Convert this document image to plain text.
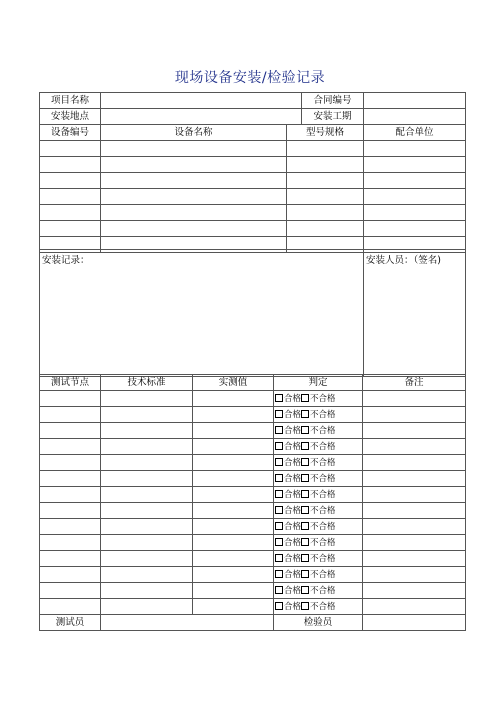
现场设备安装/检验记录
项目名称		合同编号	
安装地点		安装工期	
设备编号	设备名称	型号规格	配合单位

安装记录：	安装人员：（签名)
测试节点	技术标准	实测值	判定	备注
			合格 不合格	
			合格 不合格	
			合格 不合格	
			合格 不合格	
			合格 不合格	
			合格 不合格	
			合格 不合格	
			合格 不合格	
			合格 不合格	
			合格 不合格	
			合格 不合格	
			合格 不合格	
			合格 不合格	
			合格 不合格	
测试员			检验员	
